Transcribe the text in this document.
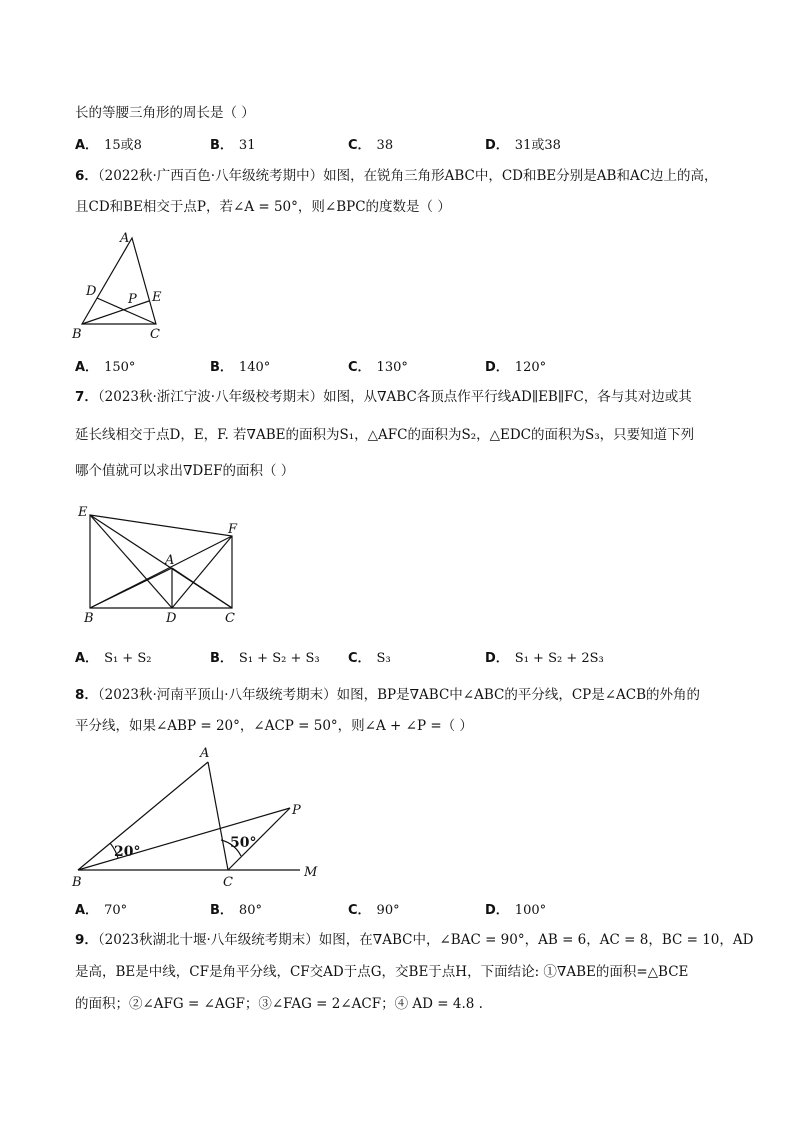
长的等腰三角形的周长是（ ）
A． 15或8	B． 31	C． 38	D． 31或38
6．（2022秋·广西百色·八年级统考期中）如图，在锐角三角形ABC中，CD和BE分别是AB和AC边上的高，
且CD和BE相交于点P，若∠A = 50°，则∠BPC的度数是（ ）
A
B	C
D	E
P
A． 150°	B． 140°	C． 130°	D． 120°
7．（2023秋·浙江宁波·八年级校考期末）如图，从∇ABC各顶点作平行线AD∥EB∥FC，各与其对边或其
延长线相交于点D，E，F. 若∇ABE的面积为S₁，△AFC的面积为S₂，△EDC的面积为S₃，只要知道下列
哪个值就可以求出∇DEF的面积（ ）
E
F
A
B	D	C
A． S₁ + S₂	B． S₁ + S₂ + S₃ C． S₃	D． S₁ + S₂ + 2S₃
8．（2023秋·河南平顶山·八年级统考期末）如图，BP是∇ABC中∠ABC的平分线，CP是∠ACB的外角的
平分线，如果∠ABP = 20°，∠ACP = 50°，则∠A + ∠P =（ ）
20°
50°
A
P
B	C
M
A． 70°	B． 80°	C． 90°	D． 100°
9．（2023秋湖北十堰·八年级统考期末）如图，在∇ABC中，∠BAC = 90°，AB = 6，AC = 8，BC = 10，AD
是高，BE是中线，CF是角平分线，CF交AD于点G，交BE于点H，下面结论: ①∇ABE的面积=△BCE
的面积；②∠AFG = ∠AGF；③∠FAG = 2∠ACF；④ AD = 4.8 .
